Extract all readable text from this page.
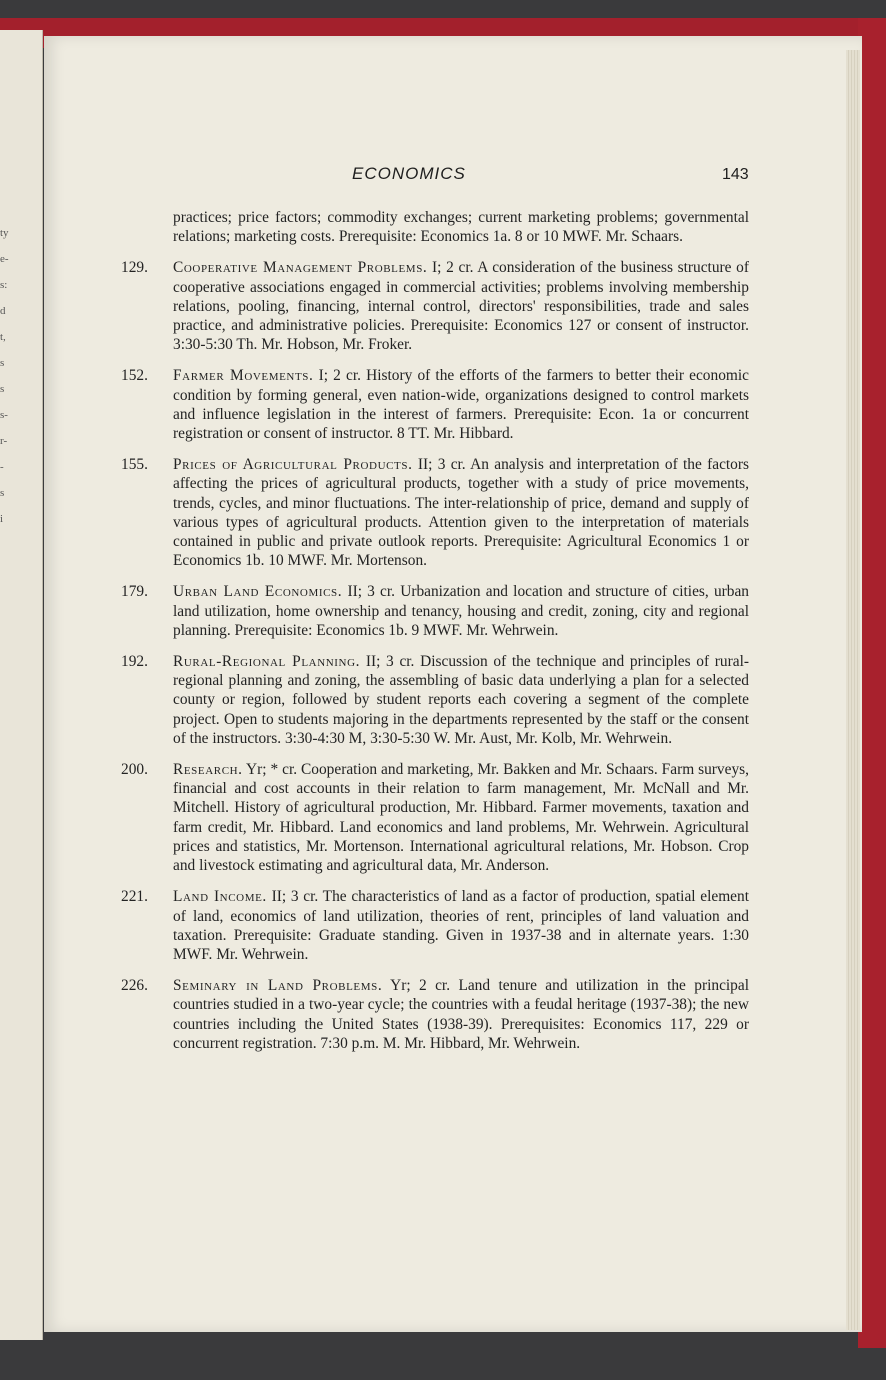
ty
e-
s:
d
t,
s
s
s-
r-
-
s
i
ECONOMICS	143

practices; price factors; commodity exchanges; current marketing problems; governmental relations; marketing costs. Prerequisite: Economics 1a. 8 or 10 MWF. Mr. Schaars.

129. Cooperative Management Problems. I; 2 cr. A consideration of the business structure of cooperative associations engaged in commercial activities; problems involving membership relations, pooling, financing, internal control, directors' responsibilities, trade and sales practice, and administrative policies. Prerequisite: Economics 127 or consent of instructor. 3:30-5:30 Th. Mr. Hobson, Mr. Froker.
152. Farmer Movements. I; 2 cr. History of the efforts of the farmers to better their economic condition by forming general, even nation-wide, organizations designed to control markets and influence legislation in the interest of farmers. Prerequisite: Econ. 1a or concurrent registration or consent of instructor. 8 TT. Mr. Hibbard.
155. Prices of Agricultural Products. II; 3 cr. An analysis and interpretation of the factors affecting the prices of agricultural products, together with a study of price movements, trends, cycles, and minor fluctuations. The inter-relationship of price, demand and supply of various types of agricultural products. Attention given to the interpretation of materials contained in public and private outlook reports. Prerequisite: Agricultural Economics 1 or Economics 1b. 10 MWF. Mr. Mortenson.
179. Urban Land Economics. II; 3 cr. Urbanization and location and structure of cities, urban land utilization, home ownership and tenancy, housing and credit, zoning, city and regional planning. Prerequisite: Economics 1b. 9 MWF. Mr. Wehrwein.
192. Rural-Regional Planning. II; 3 cr. Discussion of the technique and principles of rural-regional planning and zoning, the assembling of basic data underlying a plan for a selected county or region, followed by student reports each covering a segment of the complete project. Open to students majoring in the departments represented by the staff or the consent of the instructors. 3:30-4:30 M, 3:30-5:30 W. Mr. Aust, Mr. Kolb, Mr. Wehrwein.
200. Research. Yr; * cr. Cooperation and marketing, Mr. Bakken and Mr. Schaars. Farm surveys, financial and cost accounts in their relation to farm management, Mr. McNall and Mr. Mitchell. History of agricultural production, Mr. Hibbard. Farmer movements, taxation and farm credit, Mr. Hibbard. Land economics and land problems, Mr. Wehrwein. Agricultural prices and statistics, Mr. Mortenson. International agricultural relations, Mr. Hobson. Crop and livestock estimating and agricultural data, Mr. Anderson.
221. Land Income. II; 3 cr. The characteristics of land as a factor of production, spatial element of land, economics of land utilization, theories of rent, principles of land valuation and taxation. Prerequisite: Graduate standing. Given in 1937-38 and in alternate years. 1:30 MWF. Mr. Wehrwein.
226. Seminary in Land Problems. Yr; 2 cr. Land tenure and utilization in the principal countries studied in a two-year cycle; the countries with a feudal heritage (1937-38); the new countries including the United States (1938-39). Prerequisites: Economics 117, 229 or concurrent registration. 7:30 p.m. M. Mr. Hibbard, Mr. Wehrwein.
